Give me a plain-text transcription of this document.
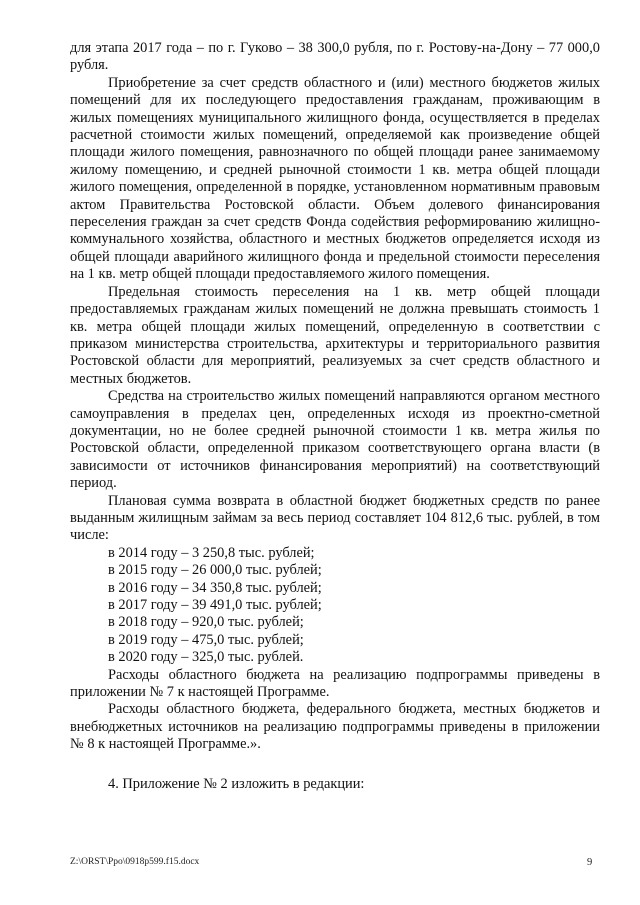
для этапа 2017 года – по г. Гуково – 38 300,0 рубля, по г. Ростову-на-Дону – 77 000,0 рубля.

Приобретение за счет средств областного и (или) местного бюджетов жилых помещений для их последующего предоставления гражданам, проживающим в жилых помещениях муниципального жилищного фонда, осуществляется в пределах расчетной стоимости жилых помещений, определяемой как произведение общей площади жилого помещения, равнозначного по общей площади ранее занимаемому жилому помещению, и средней рыночной стоимости 1 кв. метра общей площади жилого помещения, определенной в порядке, установленном нормативным правовым актом Правительства Ростовской области. Объем долевого финансирования переселения граждан за счет средств Фонда содействия реформированию жилищно-коммунального хозяйства, областного и местных бюджетов определяется исходя из общей площади аварийного жилищного фонда и предельной стоимости переселения на 1 кв. метр общей площади предоставляемого жилого помещения.

Предельная стоимость переселения на 1 кв. метр общей площади предоставляемых гражданам жилых помещений не должна превышать стоимость 1 кв. метра общей площади жилых помещений, определенную в соответствии с приказом министерства строительства, архитектуры и территориального развития Ростовской области для мероприятий, реализуемых за счет средств областного и местных бюджетов.

Средства на строительство жилых помещений направляются органом местного самоуправления в пределах цен, определенных исходя из проектно-сметной документации, но не более средней рыночной стоимости 1 кв. метра жилья по Ростовской области, определенной приказом соответствующего органа власти (в зависимости от источников финансирования мероприятий) на соответствующий период.

Плановая сумма возврата в областной бюджет бюджетных средств по ранее выданным жилищным займам за весь период составляет 104 812,6 тыс. рублей, в том числе:

в 2014 году – 3 250,8 тыс. рублей;

в 2015 году – 26 000,0 тыс. рублей;

в 2016 году – 34 350,8 тыс. рублей;

в 2017 году – 39 491,0 тыс. рублей;

в 2018 году – 920,0 тыс. рублей;

в 2019 году – 475,0 тыс. рублей;

в 2020 году – 325,0 тыс. рублей.

Расходы областного бюджета на реализацию подпрограммы приведены в приложении № 7 к настоящей Программе.

Расходы областного бюджета, федерального бюджета, местных бюджетов и внебюджетных источников на реализацию подпрограммы приведены в приложении № 8 к настоящей Программе.».

4. Приложение № 2 изложить в редакции:

Z:\ORST\Ppo\0918p599.f15.docx	9
